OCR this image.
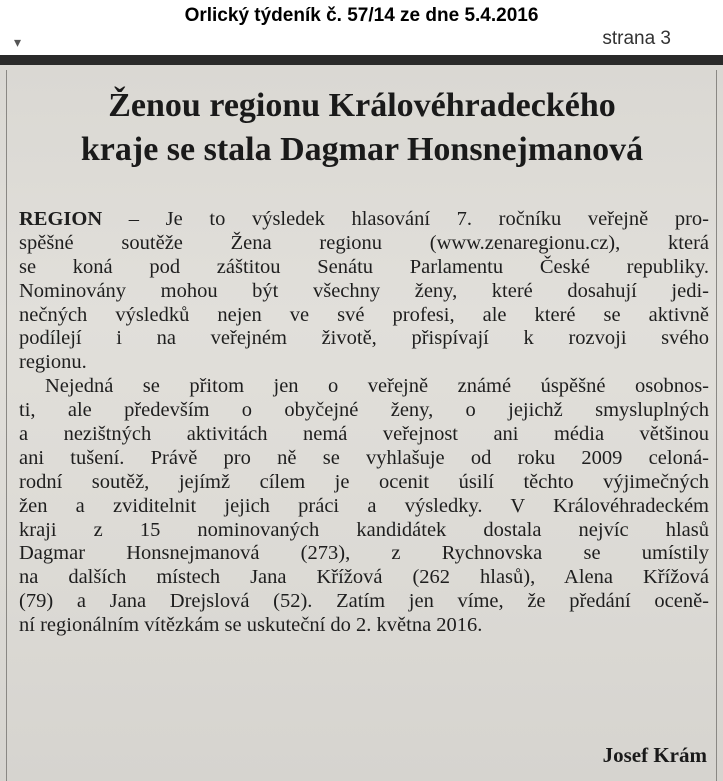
Orlický týdeník č. 57/14 ze dne 5.4.2016
▾	strana 3
Ženou regionu Královéhradeckého
kraje se stala Dagmar Honsnejmanová
REGION – Je to výsledek hlasování 7. ročníku veřejně pro-
spěšné soutěže Žena regionu (www.zenaregionu.cz), která
se koná pod záštitou Senátu Parlamentu České republiky.
Nominovány mohou být všechny ženy, které dosahují jedi-
nečných výsledků nejen ve své profesi, ale které se aktivně
podílejí i na veřejném životě, přispívají k rozvoji svého
regionu.
Nejedná se přitom jen o veřejně známé úspěšné osobnos-
ti, ale především o obyčejné ženy, o jejichž smysluplných
a nezištných aktivitách nemá veřejnost ani média většinou
ani tušení. Právě pro ně se vyhlašuje od roku 2009 celoná-
rodní soutěž, jejímž cílem je ocenit úsilí těchto výjimečných
žen a zviditelnit jejich práci a výsledky. V Královéhradeckém
kraji z 15 nominovaných kandidátek dostala nejvíc hlasů
Dagmar Honsnejmanová (273), z Rychnovska se umístily
na dalších místech Jana Křížová (262 hlasů), Alena Křížová
(79) a Jana Drejslová (52). Zatím jen víme, že předání oceně-
ní regionálním vítězkám se uskuteční do 2. května 2016.
Josef Krám
